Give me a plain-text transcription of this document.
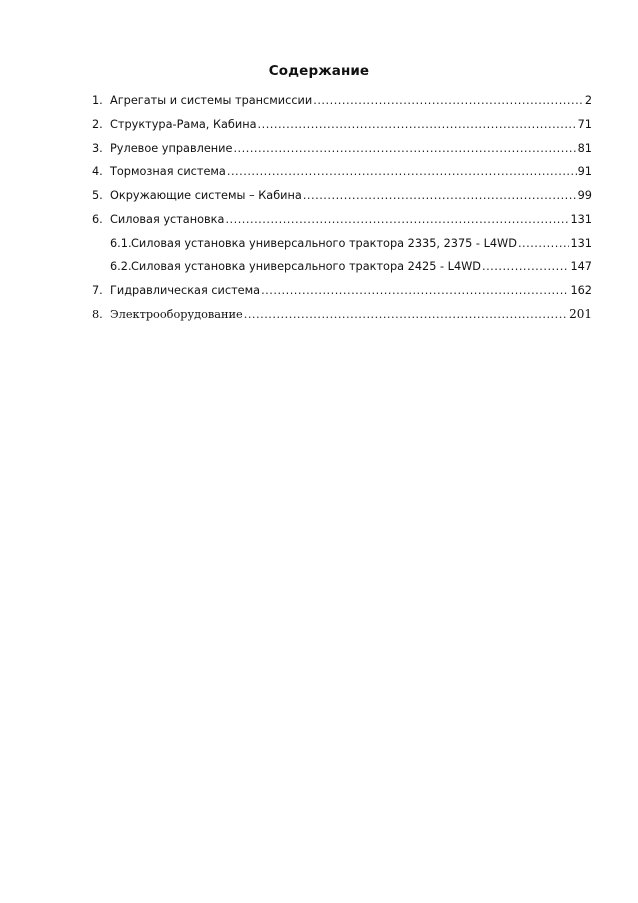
Содержание
1. Агрегаты и системы трансмиссии .....	2
2. Структура-Рама, Кабина .....	71
3. Рулевое управление .....	81
4. Тормозная система .....	91
5. Окружающие системы – Кабина .....	99
6. Силовая установка .....	131
6.1. Силовая установка универсального трактора 2335, 2375 - L4WD .....	131
6.2. Силовая установка универсального трактора 2425 - L4WD .....	147
7. Гидравлическая система .....	162
8. Электрооборудование .....	201
